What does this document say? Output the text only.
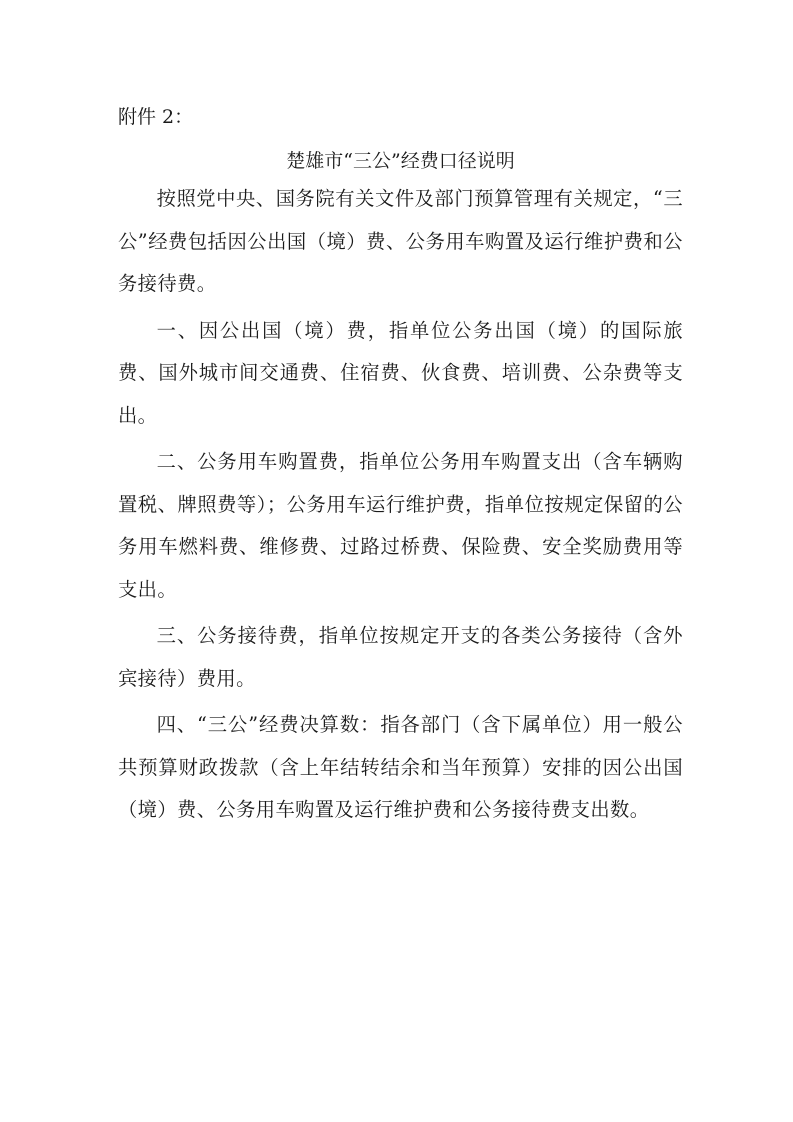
附件 2：

楚雄市“三公”经费口径说明

按照党中央、国务院有关文件及部门预算管理有关规定，“三公”经费包括因公出国（境）费、公务用车购置及运行维护费和公务接待费。

一、因公出国（境）费，指单位公务出国（境）的国际旅费、国外城市间交通费、住宿费、伙食费、培训费、公杂费等支出。

二、公务用车购置费，指单位公务用车购置支出（含车辆购置税、牌照费等）；公务用车运行维护费，指单位按规定保留的公务用车燃料费、维修费、过路过桥费、保险费、安全奖励费用等支出。

三、公务接待费，指单位按规定开支的各类公务接待（含外宾接待）费用。

四、“三公”经费决算数：指各部门（含下属单位）用一般公共预算财政拨款（含上年结转结余和当年预算）安排的因公出国（境）费、公务用车购置及运行维护费和公务接待费支出数。
